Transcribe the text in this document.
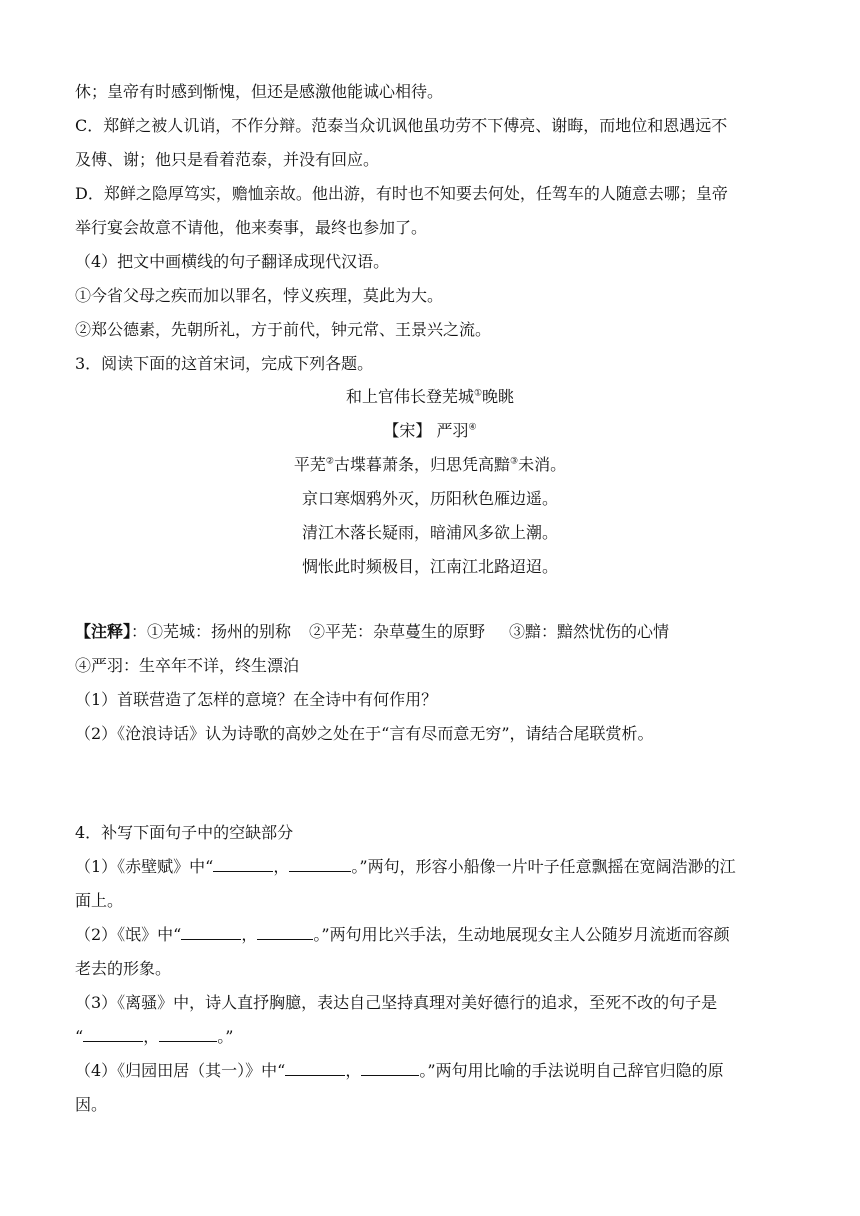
休；皇帝有时感到惭愧，但还是感激他能诚心相待。
C．郑鲜之被人讥诮，不作分辩。范泰当众讥讽他虽功劳不下傅亮、谢晦，而地位和恩遇远不
及傅、谢；他只是看着范泰，并没有回应。
D．郑鲜之隐厚笃实，赡恤亲故。他出游，有时也不知要去何处，任驾车的人随意去哪；皇帝
举行宴会故意不请他，他来奏事，最终也参加了。
（4）把文中画横线的句子翻译成现代汉语。
①今省父母之疾而加以罪名，悖义疾理，莫此为大。
②郑公德素，先朝所礼，方于前代，钟元常、王景兴之流。
3．阅读下面的这首宋词，完成下列各题。
和上官伟长登芜城①晚眺
【宋】 严羽④
平芜②古堞暮萧条，归思凭高黯③未消。
京口寒烟鸦外灭，历阳秋色雁边遥。
清江木落长疑雨，暗浦风多欲上潮。
惆怅此时频极目，江南江北路迢迢。
【注释】：①芜城：扬州的别称 ②平芜：杂草蔓生的原野 ③黯：黯然忧伤的心情
④严羽：生卒年不详，终生漂泊
（1）首联营造了怎样的意境？在全诗中有何作用？
（2）《沧浪诗话》认为诗歌的高妙之处在于“言有尽而意无穷”，请结合尾联赏析。
4．补写下面句子中的空缺部分
（1）《赤壁赋》中“	，	。”两句，形容小船像一片叶子任意飘摇在宽阔浩渺的江
面上。
（2）《氓》中“	，	。”两句用比兴手法，生动地展现女主人公随岁月流逝而容颜
老去的形象。
（3）《离骚》中，诗人直抒胸臆，表达自己坚持真理对美好德行的追求，至死不改的句子是
“	，	。”
（4）《归园田居（其一）》中“	，	。”两句用比喻的手法说明自己辞官归隐的原
因。
